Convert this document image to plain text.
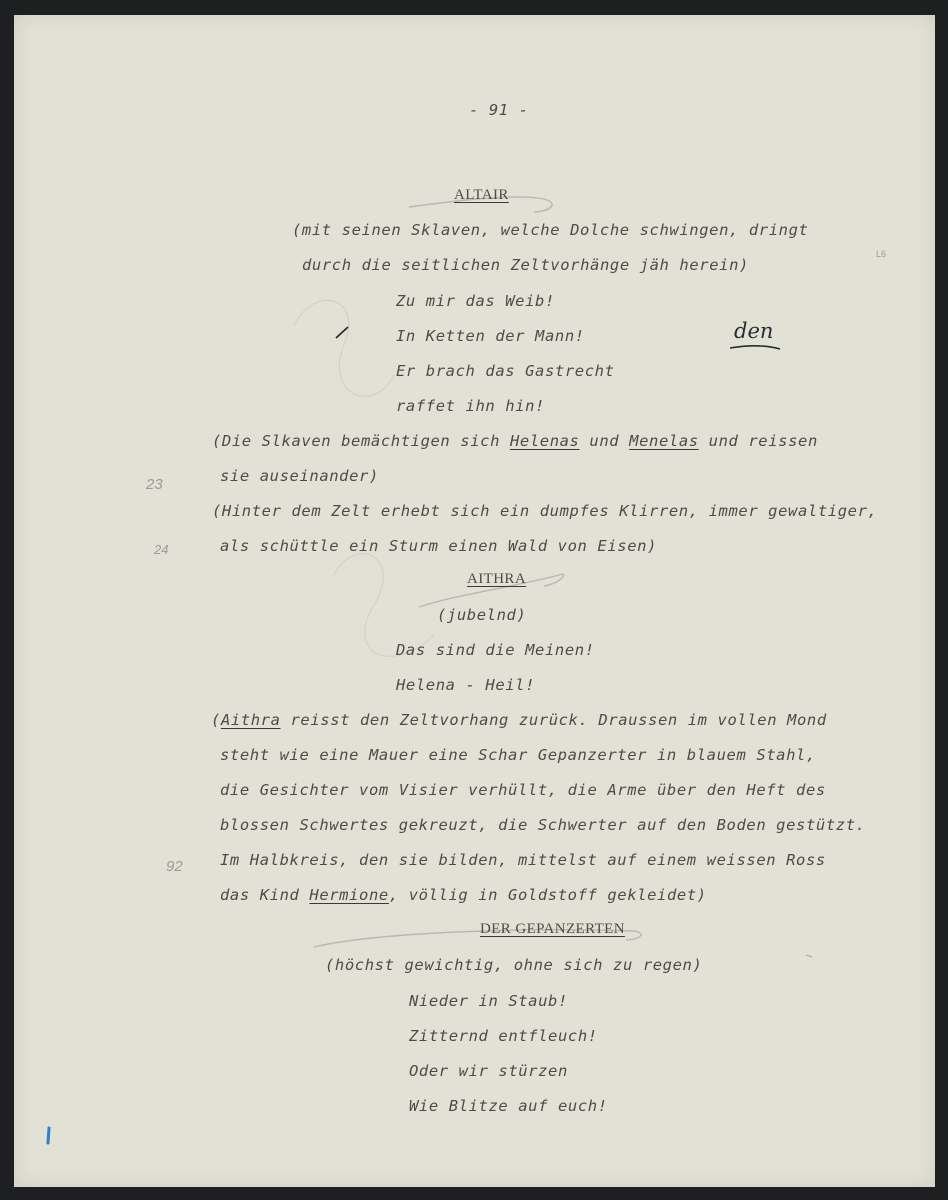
- 91 -
ALTAIR
(mit seinen Sklaven, welche Dolche schwingen, dringt
durch die seitlichen Zeltvorhänge jäh herein)
Zu mir das Weib!
In Ketten der Mann!
Er brach das Gastrecht
raffet ihn hin!
(Die Slkaven bemächtigen sich Helenas und Menelas und reissen
sie auseinander)
(Hinter dem Zelt erhebt sich ein dumpfes Klirren, immer gewaltiger,
als schüttle ein Sturm einen Wald von Eisen)
AITHRA
(jubelnd)
Das sind die Meinen!
Helena - Heil!
(Aithra reisst den Zeltvorhang zurück. Draussen im vollen Mond
steht wie eine Mauer eine Schar Gepanzerter in blauem Stahl,
die Gesichter vom Visier verhüllt, die Arme über den Heft des
blossen Schwertes gekreuzt, die Schwerter auf den Boden gestützt.
Im Halbkreis, den sie bilden, mittelst auf einem weissen Ross
das Kind Hermione, völlig in Goldstoff gekleidet)
DER GEPANZERTEN
(höchst gewichtig, ohne sich zu regen)
Nieder in Staub!
Zitternd entfleuch!
Oder wir stürzen
Wie Blitze auf euch!
den
L6
23
24
92
